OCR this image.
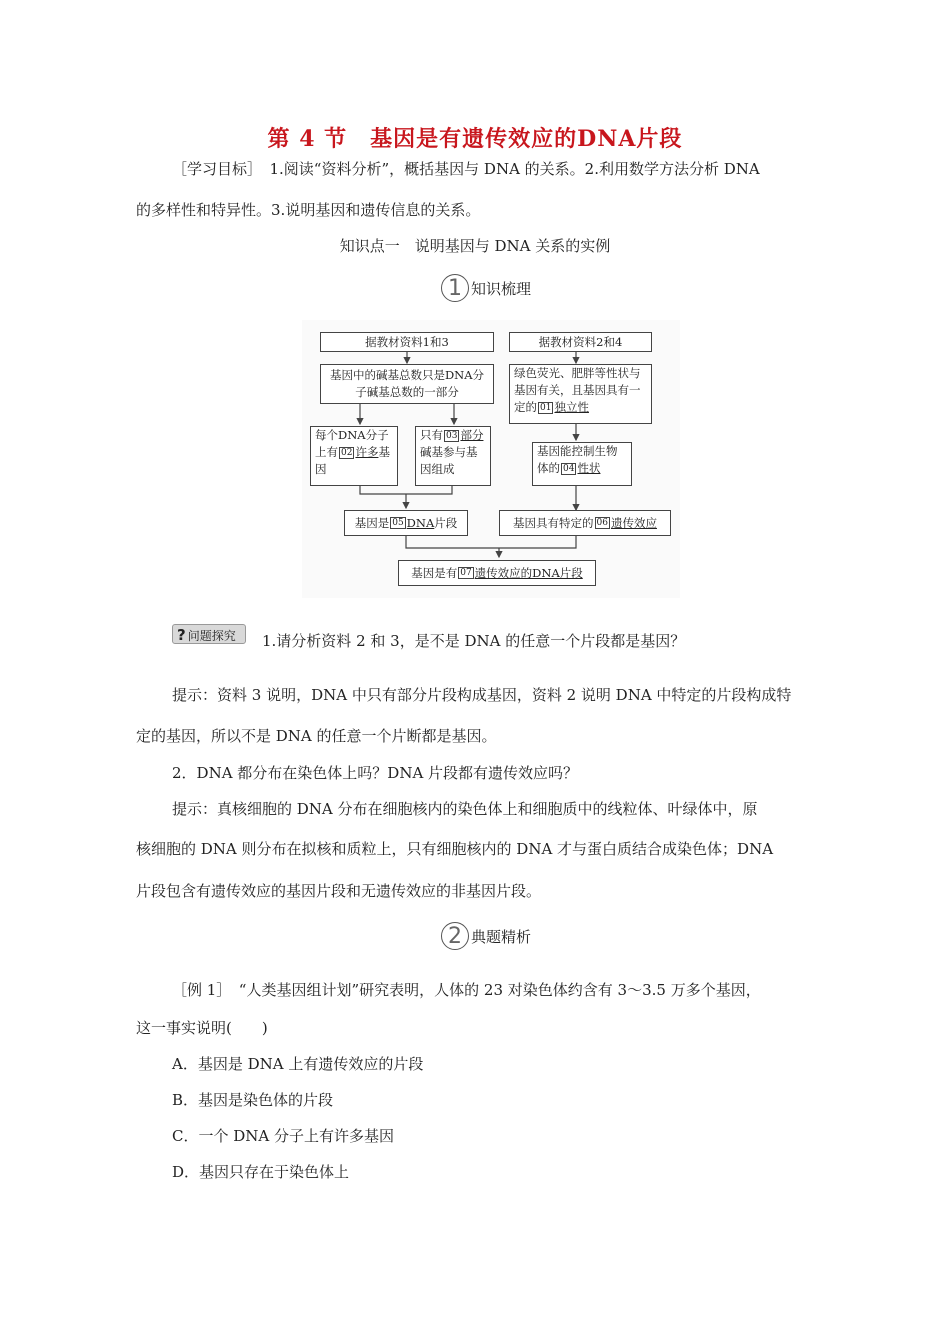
第 4 节　基因是有遗传效应的DNA片段
［学习目标］　1.阅读“资料分析”，概括基因与 DNA 的关系。2.利用数学方法分析 DNA
的多样性和特异性。3.说明基因和遗传信息的关系。
知识点一　说明基因与 DNA 关系的实例
1 知识梳理
据教材资料1和3	据教材资料2和4
基因中的碱基总数只是DNA分子碱基总数的一部分
绿色荧光、肥胖等性状与基因有关，且基因具有一定的 01 独立性
每个DNA分子上有 02 许多基因
只有 03 部分碱基参与基因组成
基因能控制生物体的 04 性状
基因是 05 DNA 片段	基因具有特定的 06 遗传效应
基因是有 07 遗传效应的DNA片段
? 问题探究	1.请分析资料 2 和 3，是不是 DNA 的任意一个片段都是基因？
提示：资料 3 说明，DNA 中只有部分片段构成基因，资料 2 说明 DNA 中特定的片段构成特
定的基因，所以不是 DNA 的任意一个片断都是基因。
2．DNA 都分布在染色体上吗？DNA 片段都有遗传效应吗？
提示：真核细胞的 DNA 分布在细胞核内的染色体上和细胞质中的线粒体、叶绿体中，原
核细胞的 DNA 则分布在拟核和质粒上，只有细胞核内的 DNA 才与蛋白质结合成染色体；DNA
片段包含有遗传效应的基因片段和无遗传效应的非基因片段。
2 典题精析
［例 1］　“人类基因组计划”研究表明，人体的 23 对染色体约含有 3～3.5 万多个基因，
这一事实说明(　　)
A．基因是 DNA 上有遗传效应的片段
B．基因是染色体的片段
C．一个 DNA 分子上有许多基因
D．基因只存在于染色体上
